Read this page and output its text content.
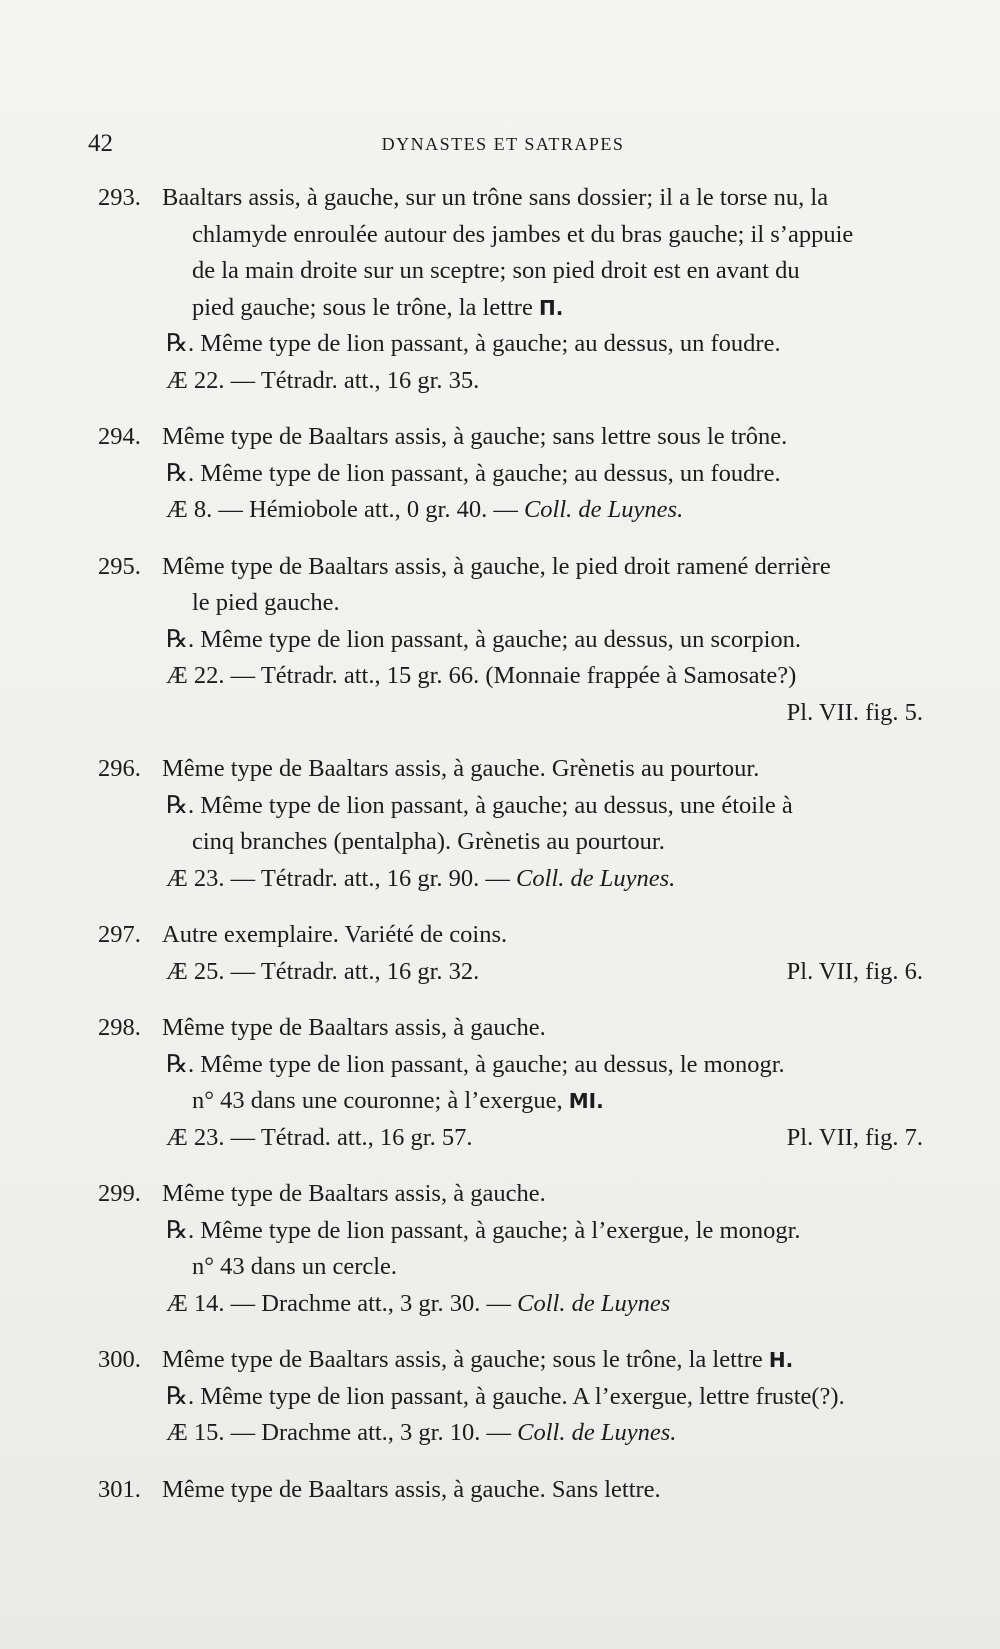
42	DYNASTES ET SATRAPES

293. Baaltars assis, à gauche, sur un trône sans dossier; il a le torse nu, la

chlamyde enroulée autour des jambes et du bras gauche; il s’appuie

de la main droite sur un sceptre; son pied droit est en avant du

pied gauche; sous le trône, la lettre Π.

℞. Même type de lion passant, à gauche; au dessus, un foudre.

Æ 22. — Tétradr. att., 16 gr. 35.

294. Même type de Baaltars assis, à gauche; sans lettre sous le trône.

℞. Même type de lion passant, à gauche; au dessus, un foudre.

Æ 8. — Hémiobole att., 0 gr. 40. — Coll. de Luynes.

295. Même type de Baaltars assis, à gauche, le pied droit ramené derrière

le pied gauche.

℞. Même type de lion passant, à gauche; au dessus, un scorpion.

Æ 22. — Tétradr. att., 15 gr. 66. (Monnaie frappée à Samosate?)

Pl. VII. fig. 5.

296. Même type de Baaltars assis, à gauche. Grènetis au pourtour.

℞. Même type de lion passant, à gauche; au dessus, une étoile à

cinq branches (pentalpha). Grènetis au pourtour.

Æ 23. — Tétradr. att., 16 gr. 90. — Coll. de Luynes.

297. Autre exemplaire. Variété de coins.

Æ 25. — Tétradr. att., 16 gr. 32.	Pl. VII, fig. 6.

298. Même type de Baaltars assis, à gauche.

℞. Même type de lion passant, à gauche; au dessus, le monogr.

n° 43 dans une couronne; à l’exergue, MI.

Æ 23. — Tétrad. att., 16 gr. 57.	Pl. VII, fig. 7.

299. Même type de Baaltars assis, à gauche.

℞. Même type de lion passant, à gauche; à l’exergue, le monogr.

n° 43 dans un cercle.

Æ 14. — Drachme att., 3 gr. 30. — Coll. de Luynes

300. Même type de Baaltars assis, à gauche; sous le trône, la lettre H.

℞. Même type de lion passant, à gauche. A l’exergue, lettre fruste(?).

Æ 15. — Drachme att., 3 gr. 10. — Coll. de Luynes.

301. Même type de Baaltars assis, à gauche. Sans lettre.
